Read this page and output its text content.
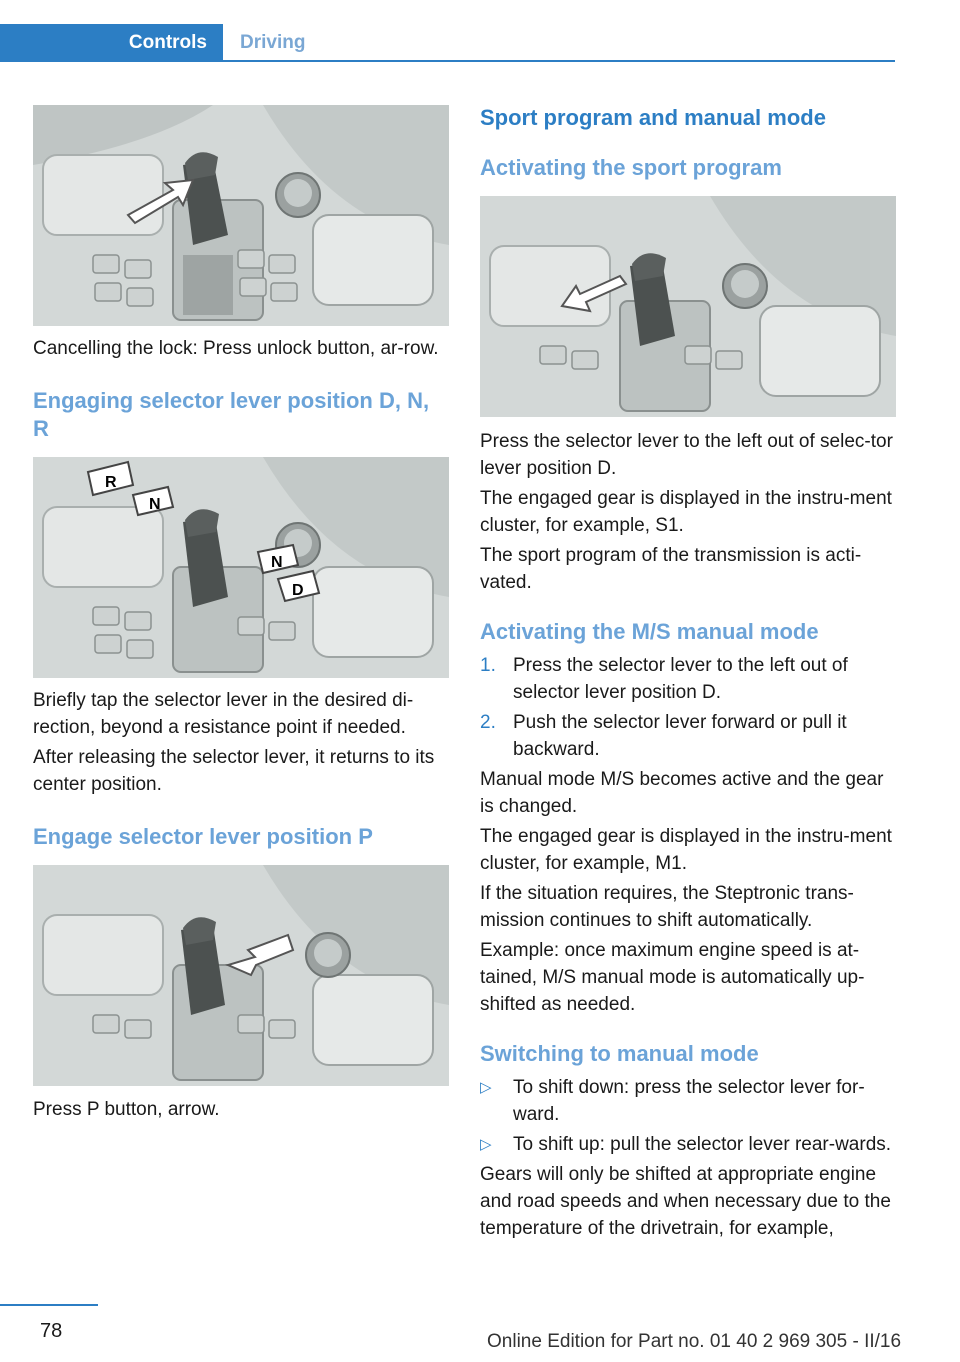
Controls Driving

Cancelling the lock: Press unlock button, ar-row.

Engaging selector lever position D, N, R
R
N
N
D

Briefly tap the selector lever in the desired di-rection, beyond a resistance point if needed.

After releasing the selector lever, it returns to its center position.

Engage selector lever position P

Press P button, arrow.

Sport program and manual mode
Activating the sport program

Press the selector lever to the left out of selec-tor lever position D.

The engaged gear is displayed in the instru-ment cluster, for example, S1.

The sport program of the transmission is acti-vated.

Activating the M/S manual mode
1. Press the selector lever to the left out of selector lever position D.
2. Push the selector lever forward or pull it backward.

Manual mode M/S becomes active and the gear is changed.

The engaged gear is displayed in the instru-ment cluster, for example, M1.

If the situation requires, the Steptronic trans-mission continues to shift automatically.

Example: once maximum engine speed is at-tained, M/S manual mode is automatically up-shifted as needed.

Switching to manual mode
▷	To shift down: press the selector lever for-ward.
▷	To shift up: pull the selector lever rear-wards.

Gears will only be shifted at appropriate engine and road speeds and when necessary due to the temperature of the drivetrain, for example,

78	Online Edition for Part no. 01 40 2 969 305 - II/16
